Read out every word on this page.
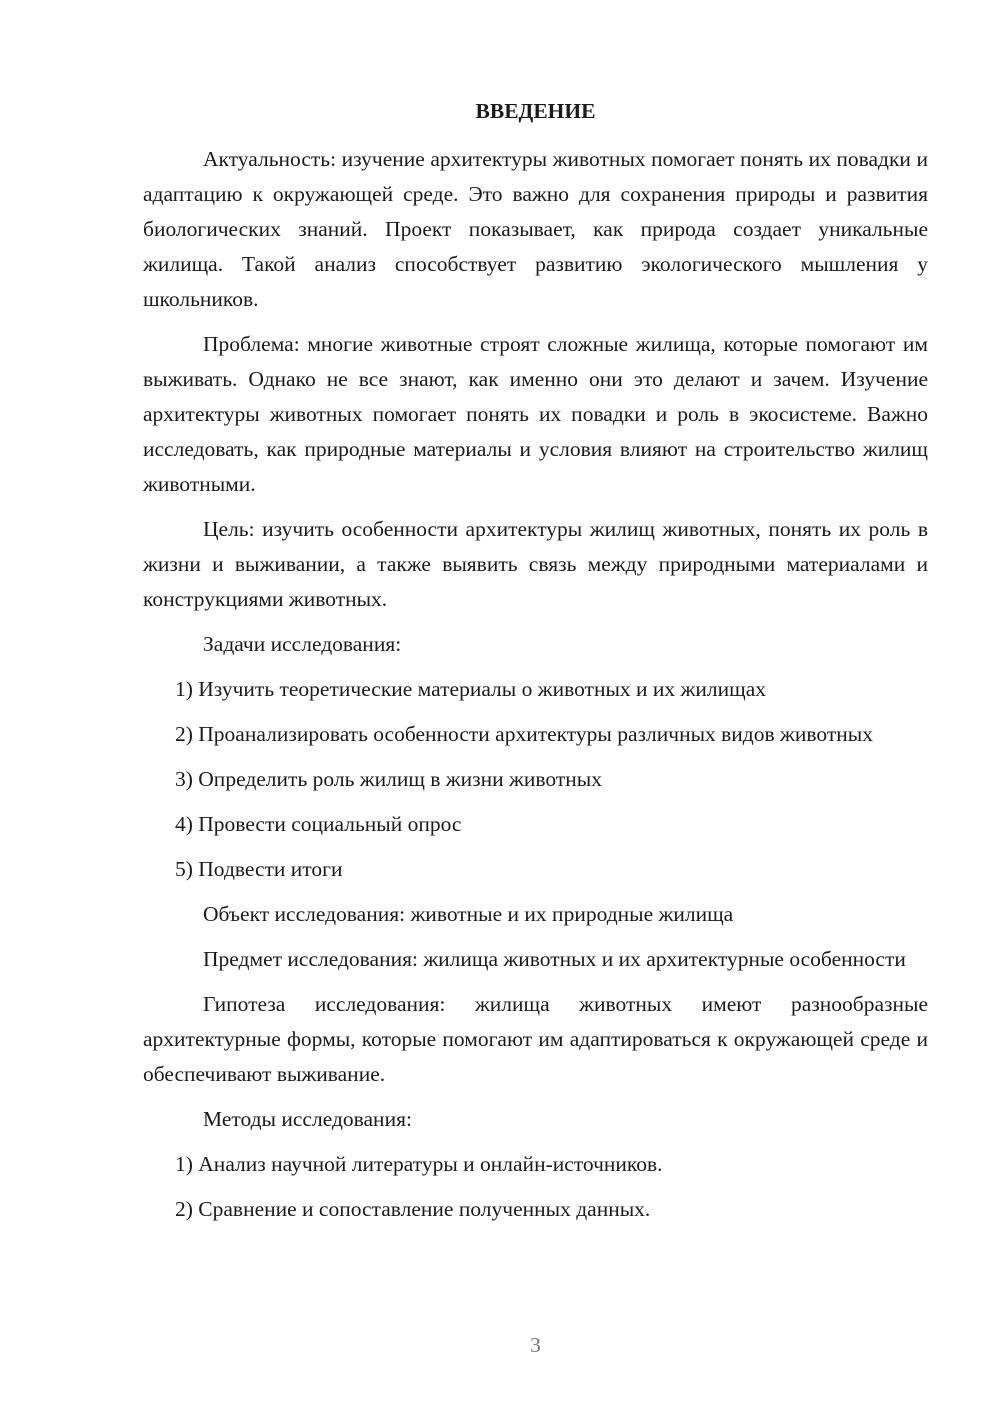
ВВЕДЕНИЕ

Актуальность: изучение архитектуры животных помогает понять их повадки и адаптацию к окружающей среде. Это важно для сохранения природы и развития биологических знаний. Проект показывает, как природа создает уникальные жилища. Такой анализ способствует развитию экологического мышления у школьников.

Проблема: многие животные строят сложные жилища, которые помогают им выживать. Однако не все знают, как именно они это делают и зачем. Изучение архитектуры животных помогает понять их повадки и роль в экосистеме. Важно исследовать, как природные материалы и условия влияют на строительство жилищ животными.

Цель: изучить особенности архитектуры жилищ животных, понять их роль в жизни и выживании, а также выявить связь между природными материалами и конструкциями животных.

Задачи исследования:

1) Изучить теоретические материалы о животных и их жилищах

2) Проанализировать особенности архитектуры различных видов животных

3) Определить роль жилищ в жизни животных

4) Провести социальный опрос

5) Подвести итоги

Объект исследования: животные и их природные жилища

Предмет исследования: жилища животных и их архитектурные особенности

Гипотеза исследования: жилища животных имеют разнообразные архитектурные формы, которые помогают им адаптироваться к окружающей среде и обеспечивают выживание.

Методы исследования:

1) Анализ научной литературы и онлайн-источников.

2) Сравнение и сопоставление полученных данных.

3
